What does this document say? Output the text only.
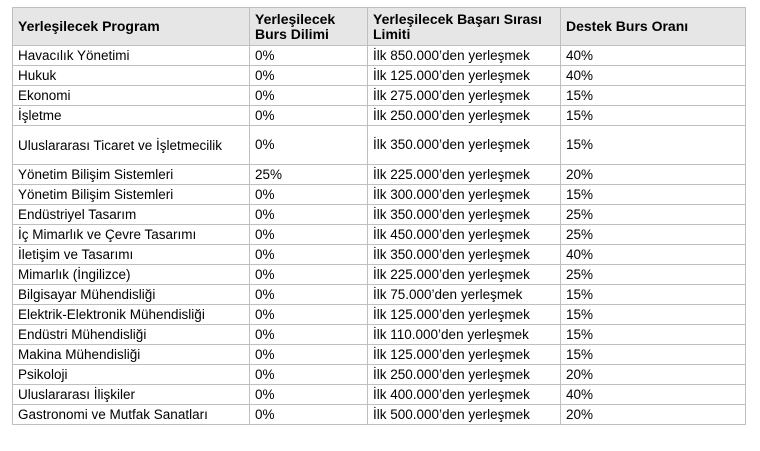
Yerleşilecek Program	Yerleşilecek Burs Dilimi	Yerleşilecek Başarı Sırası Limiti	Destek Burs Oranı
Havacılık Yönetimi	0%	İlk 850.000’den yerleşmek	40%
Hukuk	0%	İlk 125.000’den yerleşmek	40%
Ekonomi	0%	İlk 275.000’den yerleşmek	15%
İşletme	0%	İlk 250.000’den yerleşmek	15%
Uluslararası Ticaret ve İşletmecilik	0%	İlk 350.000’den yerleşmek	15%
Yönetim Bilişim Sistemleri	25%	İlk 225.000’den yerleşmek	20%
Yönetim Bilişim Sistemleri	0%	İlk 300.000’den yerleşmek	15%
Endüstriyel Tasarım	0%	İlk 350.000’den yerleşmek	25%
İç Mimarlık ve Çevre Tasarımı	0%	İlk 450.000’den yerleşmek	25%
İletişim ve Tasarımı	0%	İlk 350.000’den yerleşmek	40%
Mimarlık (İngilizce)	0%	İlk 225.000’den yerleşmek	25%
Bilgisayar Mühendisliği	0%	İlk 75.000’den yerleşmek	15%
Elektrik-Elektronik Mühendisliği	0%	İlk 125.000’den yerleşmek	15%
Endüstri Mühendisliği	0%	İlk 110.000’den yerleşmek	15%
Makina Mühendisliği	0%	İlk 125.000’den yerleşmek	15%
Psikoloji	0%	İlk 250.000’den yerleşmek	20%
Uluslararası İlişkiler	0%	İlk 400.000’den yerleşmek	40%
Gastronomi ve Mutfak Sanatları	0%	İlk 500.000’den yerleşmek	20%
